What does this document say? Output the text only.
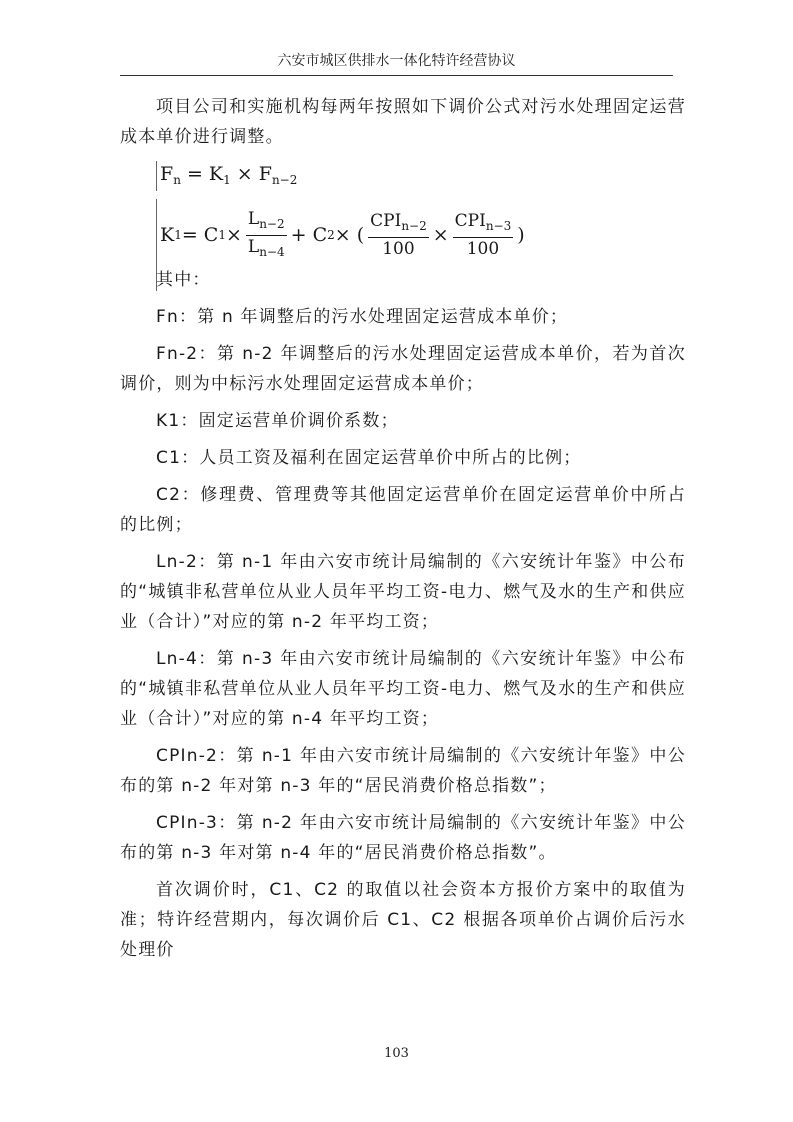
六安市城区供排水一体化特许经营协议

项目公司和实施机构每两年按照如下调价公式对污水处理固定运营成本单价进行调整。

$F_n = K_1 \times F_{n-2}$
K 1 = C $1 \times \frac{L_{n-2}}{L_{n-4}} + C$ 2 × ( $\frac{CPI_{n-2}}{100} \times \frac{CPI_{n-3}}{100}$ )

其中：

Fn：第 n 年调整后的污水处理固定运营成本单价；

Fn-2：第 n-2 年调整后的污水处理固定运营成本单价，若为首次调价，则为中标污水处理固定运营成本单价；

K1：固定运营单价调价系数；

C1：人员工资及福利在固定运营单价中所占的比例；

C2：修理费、管理费等其他固定运营单价在固定运营单价中所占的比例；

Ln-2：第 n-1 年由六安市统计局编制的《六安统计年鉴》中公布的“城镇非私营单位从业人员年平均工资-电力、燃气及水的生产和供应业（合计）”对应的第 n-2 年平均工资；

Ln-4：第 n-3 年由六安市统计局编制的《六安统计年鉴》中公布的“城镇非私营单位从业人员年平均工资-电力、燃气及水的生产和供应业（合计）”对应的第 n-4 年平均工资；

CPIn-2：第 n-1 年由六安市统计局编制的《六安统计年鉴》中公布的第 n-2 年对第 n-3 年的“居民消费价格总指数”；

CPIn-3：第 n-2 年由六安市统计局编制的《六安统计年鉴》中公布的第 n-3 年对第 n-4 年的“居民消费价格总指数”。

首次调价时，C1、C2 的取值以社会资本方报价方案中的取值为准；特许经营期内，每次调价后 C1、C2 根据各项单价占调价后污水处理价

103
